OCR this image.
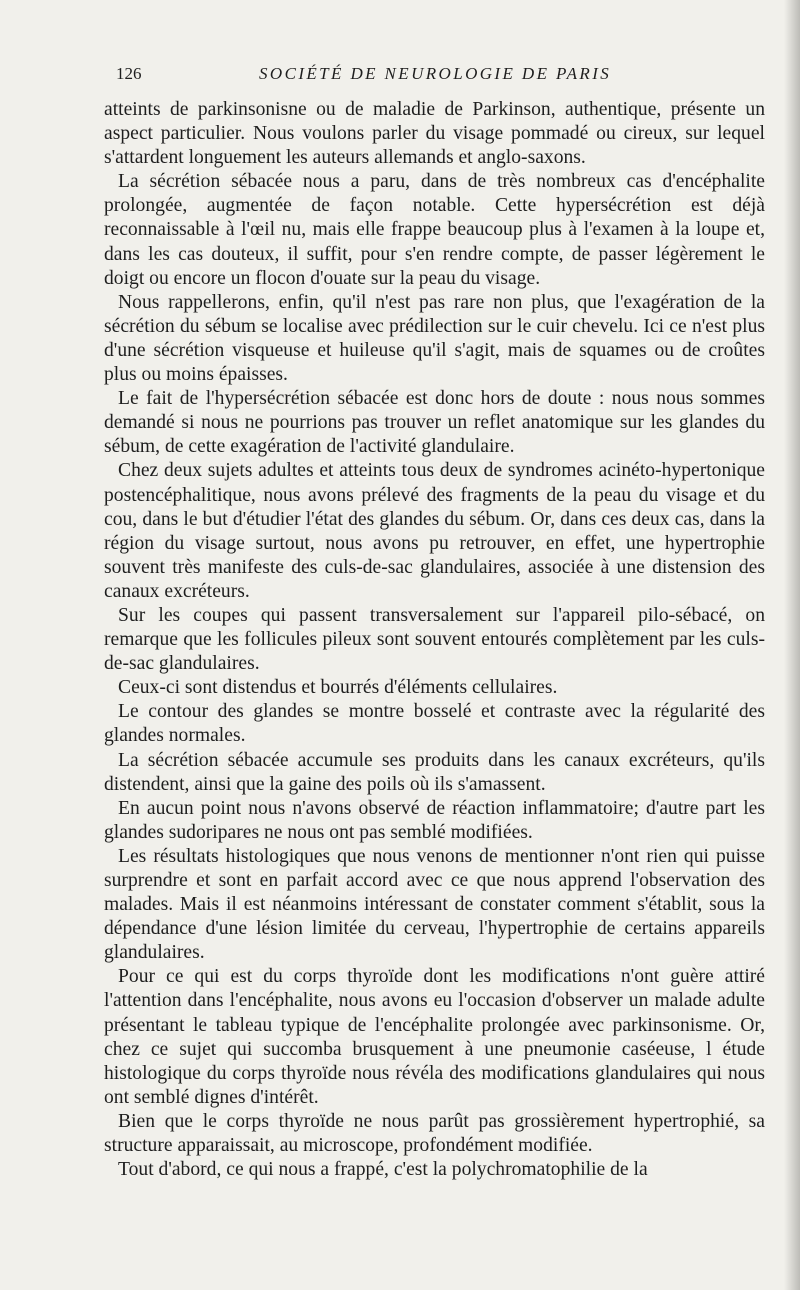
126	SOCIÉTÉ DE NEUROLOGIE DE PARIS

atteints de parkinsonisne ou de maladie de Parkinson, authentique, présente un aspect particulier. Nous voulons parler du visage pommadé ou cireux, sur lequel s'attardent longuement les auteurs allemands et anglo-saxons.

La sécrétion sébacée nous a paru, dans de très nombreux cas d'encéphalite prolongée, augmentée de façon notable. Cette hypersécrétion est déjà reconnaissable à l'œil nu, mais elle frappe beaucoup plus à l'examen à la loupe et, dans les cas douteux, il suffit, pour s'en rendre compte, de passer légèrement le doigt ou encore un flocon d'ouate sur la peau du visage.

Nous rappellerons, enfin, qu'il n'est pas rare non plus, que l'exagération de la sécrétion du sébum se localise avec prédilection sur le cuir chevelu. Ici ce n'est plus d'une sécrétion visqueuse et huileuse qu'il s'agit, mais de squames ou de croûtes plus ou moins épaisses.

Le fait de l'hypersécrétion sébacée est donc hors de doute : nous nous sommes demandé si nous ne pourrions pas trouver un reflet anatomique sur les glandes du sébum, de cette exagération de l'activité glandulaire.

Chez deux sujets adultes et atteints tous deux de syndromes acinéto-hypertonique postencéphalitique, nous avons prélevé des fragments de la peau du visage et du cou, dans le but d'étudier l'état des glandes du sébum. Or, dans ces deux cas, dans la région du visage surtout, nous avons pu retrouver, en effet, une hypertrophie souvent très manifeste des culs-de-sac glandulaires, associée à une distension des canaux excréteurs.

Sur les coupes qui passent transversalement sur l'appareil pilo-sébacé, on remarque que les follicules pileux sont souvent entourés complètement par les culs-de-sac glandulaires.

Ceux-ci sont distendus et bourrés d'éléments cellulaires.

Le contour des glandes se montre bosselé et contraste avec la régularité des glandes normales.

La sécrétion sébacée accumule ses produits dans les canaux excréteurs, qu'ils distendent, ainsi que la gaine des poils où ils s'amassent.

En aucun point nous n'avons observé de réaction inflammatoire; d'autre part les glandes sudoripares ne nous ont pas semblé modifiées.

Les résultats histologiques que nous venons de mentionner n'ont rien qui puisse surprendre et sont en parfait accord avec ce que nous apprend l'observation des malades. Mais il est néanmoins intéressant de constater comment s'établit, sous la dépendance d'une lésion limitée du cerveau, l'hypertrophie de certains appareils glandulaires.

Pour ce qui est du corps thyroïde dont les modifications n'ont guère attiré l'attention dans l'encéphalite, nous avons eu l'occasion d'observer un malade adulte présentant le tableau typique de l'encéphalite prolongée avec parkinsonisme. Or, chez ce sujet qui succomba brusquement à une pneumonie caséeuse, l étude histologique du corps thyroïde nous révéla des modifications glandulaires qui nous ont semblé dignes d'intérêt.

Bien que le corps thyroïde ne nous parût pas grossièrement hypertrophié, sa structure apparaissait, au microscope, profondément modifiée.

Tout d'abord, ce qui nous a frappé, c'est la polychromatophilie de la
